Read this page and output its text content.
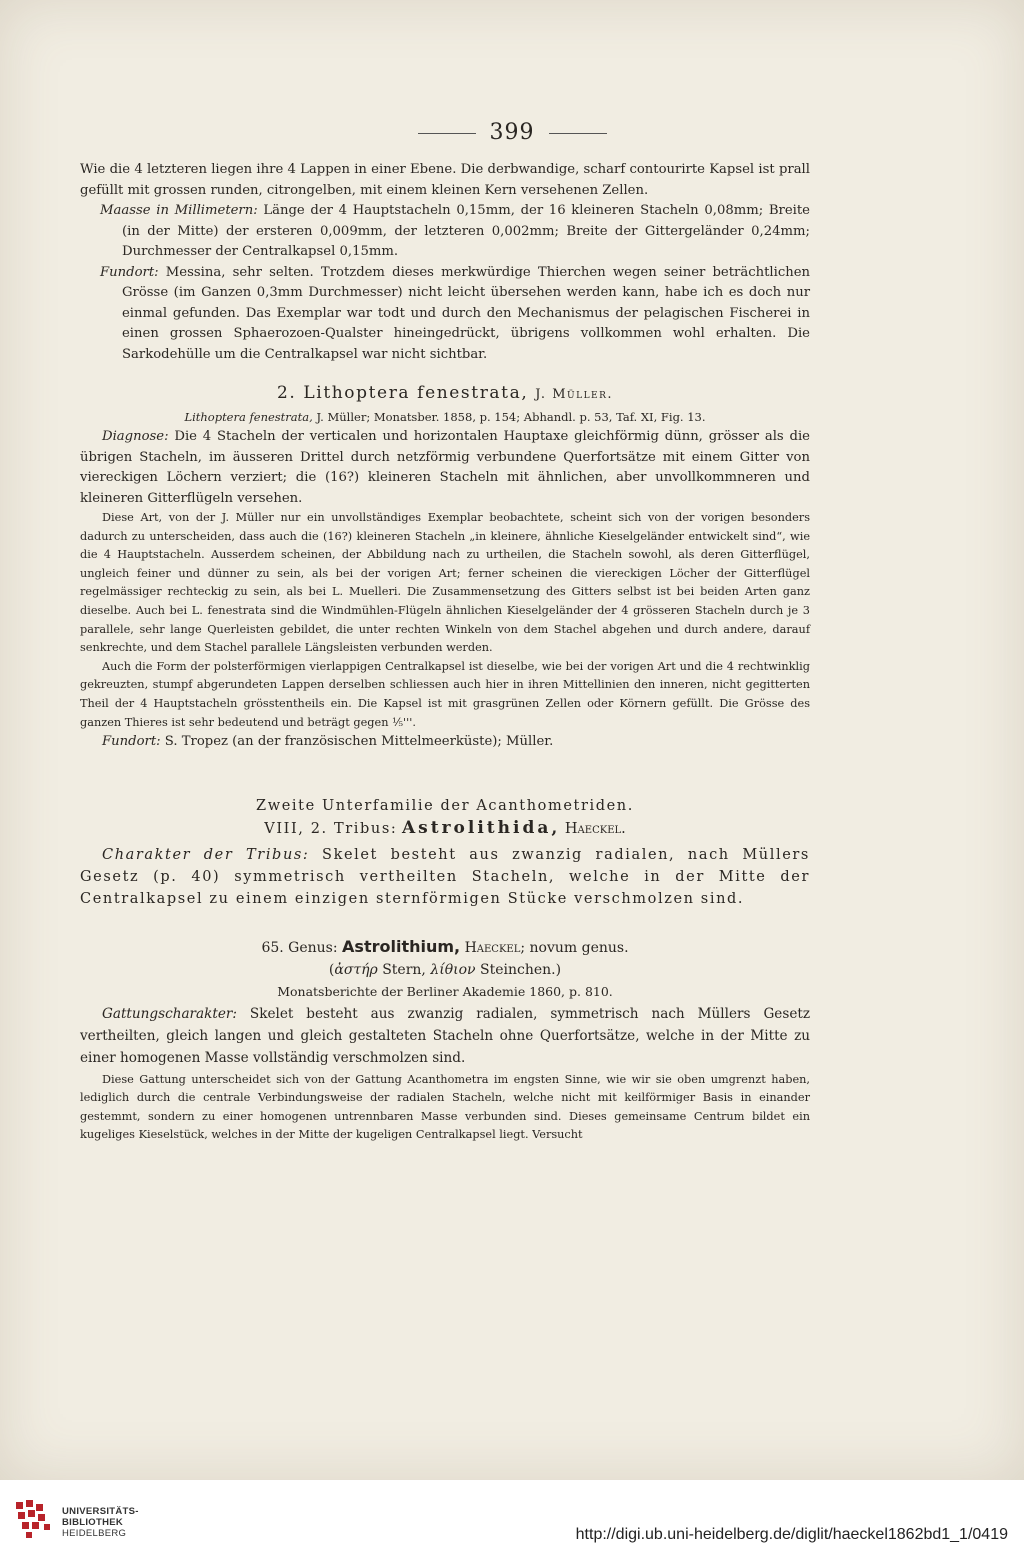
399

Wie die 4 letzteren liegen ihre 4 Lappen in einer Ebene. Die derbwandige, scharf contourirte Kapsel ist prall gefüllt mit grossen runden, citrongelben, mit einem kleinen Kern versehenen Zellen.

Maasse in Millimetern: Länge der 4 Hauptstacheln 0,15mm, der 16 kleineren Stacheln 0,08mm; Breite (in der Mitte) der ersteren 0,009mm, der letzteren 0,002mm; Breite der Gittergeländer 0,24mm; Durchmesser der Centralkapsel 0,15mm.

Fundort: Messina, sehr selten. Trotzdem dieses merkwürdige Thierchen wegen seiner beträchtlichen Grösse (im Ganzen 0,3mm Durchmesser) nicht leicht übersehen werden kann, habe ich es doch nur einmal gefunden. Das Exemplar war todt und durch den Mechanismus der pelagischen Fischerei in einen grossen Sphaerozoen-Qualster hineingedrückt, übrigens vollkommen wohl erhalten. Die Sarkodehülle um die Centralkapsel war nicht sichtbar.

2. Lithoptera fenestrata, J. Müller.

Lithoptera fenestrata, J. Müller; Monatsber. 1858, p. 154; Abhandl. p. 53, Taf. XI, Fig. 13.

Diagnose: Die 4 Stacheln der verticalen und horizontalen Hauptaxe gleichförmig dünn, grösser als die übrigen Stacheln, im äusseren Drittel durch netzförmig verbundene Querfortsätze mit einem Gitter von viereckigen Löchern verziert; die (16?) kleineren Stacheln mit ähnlichen, aber unvollkommneren und kleineren Gitterflügeln versehen.

Diese Art, von der J. Müller nur ein unvollständiges Exemplar beobachtete, scheint sich von der vorigen besonders dadurch zu unterscheiden, dass auch die (16?) kleineren Stacheln „in kleinere, ähnliche Kieselgeländer entwickelt sind“, wie die 4 Hauptstacheln. Ausserdem scheinen, der Abbildung nach zu urtheilen, die Stacheln sowohl, als deren Gitterflügel, ungleich feiner und dünner zu sein, als bei der vorigen Art; ferner scheinen die viereckigen Löcher der Gitterflügel regelmässiger rechteckig zu sein, als bei L. Muelleri. Die Zusammensetzung des Gitters selbst ist bei beiden Arten ganz dieselbe. Auch bei L. fenestrata sind die Windmühlen-Flügeln ähnlichen Kieselgeländer der 4 grösseren Stacheln durch je 3 parallele, sehr lange Querleisten gebildet, die unter rechten Winkeln von dem Stachel abgehen und durch andere, darauf senkrechte, und dem Stachel parallele Längsleisten verbunden werden.

Auch die Form der polsterförmigen vierlappigen Centralkapsel ist dieselbe, wie bei der vorigen Art und die 4 rechtwinklig gekreuzten, stumpf abgerundeten Lappen derselben schliessen auch hier in ihren Mittellinien den inneren, nicht gegitterten Theil der 4 Hauptstacheln grösstentheils ein. Die Kapsel ist mit grasgrünen Zellen oder Körnern gefüllt. Die Grösse des ganzen Thieres ist sehr bedeutend und beträgt gegen ⅕'''.

Fundort: S. Tropez (an der französischen Mittelmeerküste); Müller.

Zweite Unterfamilie der Acanthometriden.

VIII, 2. Tribus: Astrolithida, Haeckel.

Charakter der Tribus: Skelet besteht aus zwanzig radialen, nach Müllers Gesetz (p. 40) symmetrisch vertheilten Stacheln, welche in der Mitte der Centralkapsel zu einem einzigen sternförmigen Stücke verschmolzen sind.

65. Genus: Astrolithium, Haeckel; novum genus.

(ἀστήρ Stern, λίθιον Steinchen.)

Monatsberichte der Berliner Akademie 1860, p. 810.

Gattungscharakter: Skelet besteht aus zwanzig radialen, symmetrisch nach Müllers Gesetz vertheilten, gleich langen und gleich gestalteten Stacheln ohne Querfortsätze, welche in der Mitte zu einer homogenen Masse vollständig verschmolzen sind.

Diese Gattung unterscheidet sich von der Gattung Acanthometra im engsten Sinne, wie wir sie oben umgrenzt haben, lediglich durch die centrale Verbindungsweise der radialen Stacheln, welche nicht mit keilförmiger Basis in einander gestemmt, sondern zu einer homogenen untrennbaren Masse verbunden sind. Dieses gemeinsame Centrum bildet ein kugeliges Kieselstück, welches in der Mitte der kugeligen Centralkapsel liegt. Versucht

UNIVERSITÄTS-
BIBLIOTHEK
HEIDELBERG	http://digi.ub.uni-heidelberg.de/diglit/haeckel1862bd1_1/0419
